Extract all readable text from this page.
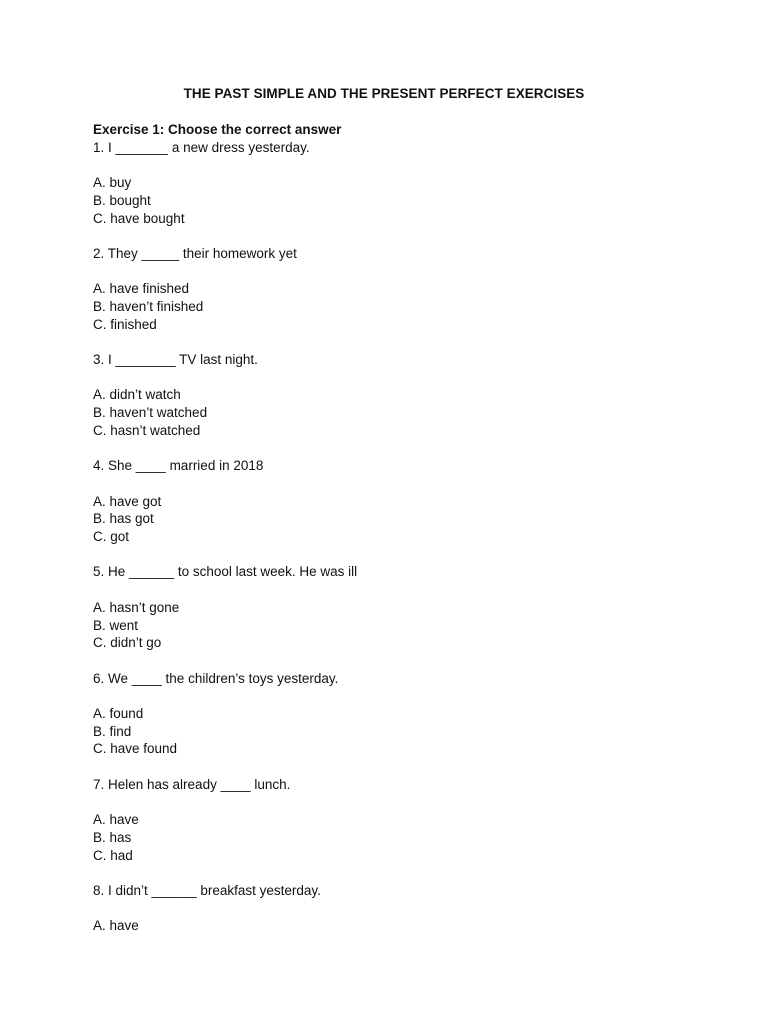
THE PAST SIMPLE AND THE PRESENT PERFECT EXERCISES
Exercise 1: Choose the correct answer
1. I _______ a new dress yesterday.
A. buy
B. bought
C. have bought
2. They _____ their homework yet
A. have finished
B. haven’t finished
C. finished
3. I ________ TV last night.
A. didn’t watch
B. haven’t watched
C. hasn’t watched
4. She ____ married in 2018
A. have got
B. has got
C. got
5. He ______ to school last week. He was ill
A. hasn’t gone
B. went
C. didn’t go
6. We ____ the children’s toys yesterday.
A. found
B. find
C. have found
7. Helen has already ____ lunch.
A. have
B. has
C. had
8. I didn’t ______ breakfast yesterday.
A. have
